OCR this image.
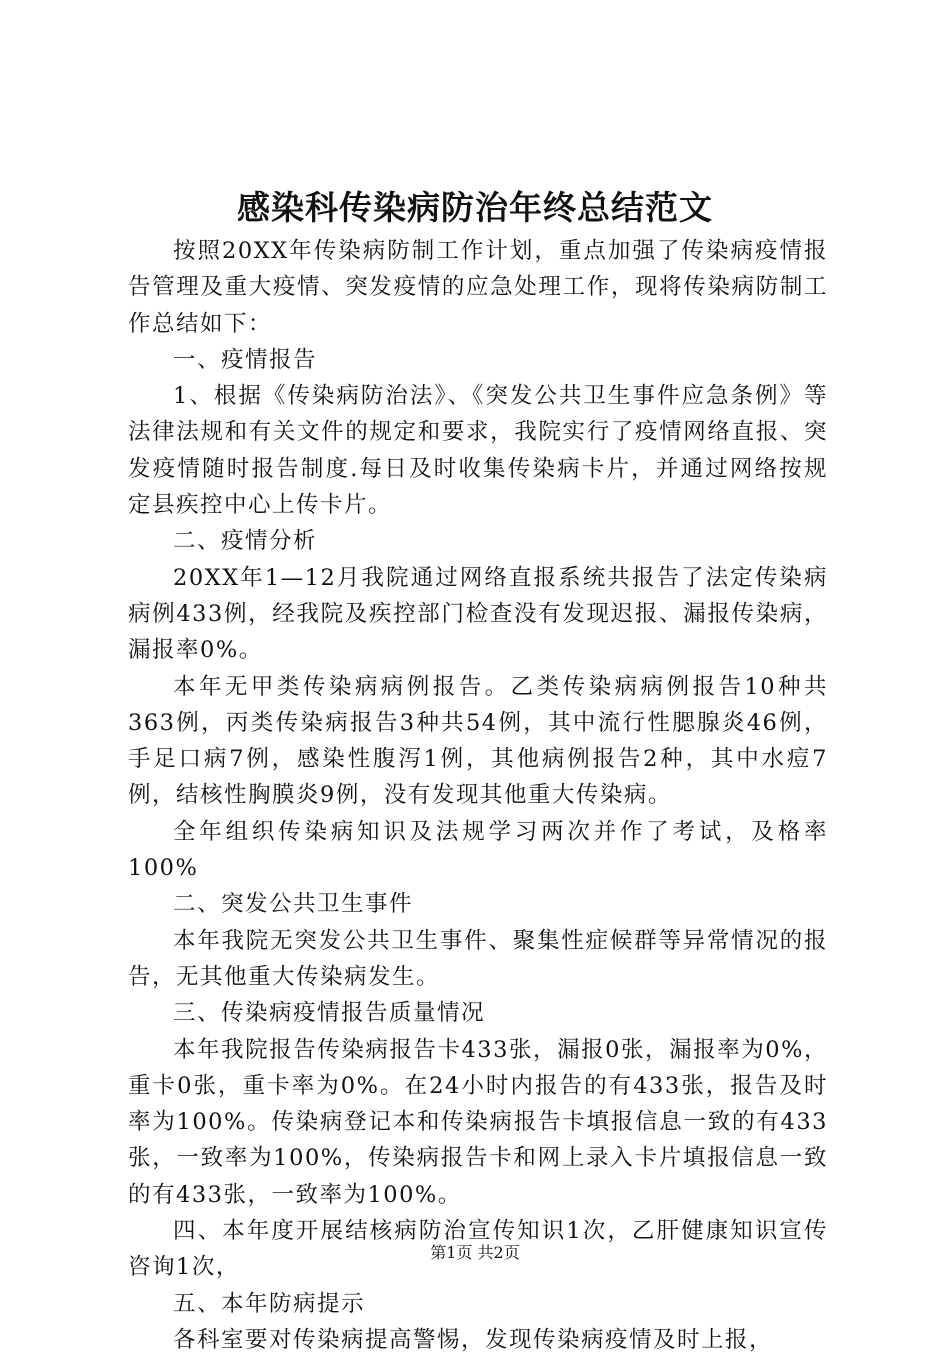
感染科传染病防治年终总结范文

按照20XX年传染病防制工作计划，重点加强了传染病疫情报告管理及重大疫情、突发疫情的应急处理工作，现将传染病防制工作总结如下：

一、疫情报告

1、根据《传染病防治法》、《突发公共卫生事件应急条例》等法律法规和有关文件的规定和要求，我院实行了疫情网络直报、突发疫情随时报告制度.每日及时收集传染病卡片，并通过网络按规定县疾控中心上传卡片。

二、疫情分析

20XX年1—12月我院通过网络直报系统共报告了法定传染病病例433例，经我院及疾控部门检查没有发现迟报、漏报传染病，漏报率0%。

本年无甲类传染病病例报告。乙类传染病病例报告10种共363例，丙类传染病报告3种共54例，其中流行性腮腺炎46例，手足口病7例，感染性腹泻1例，其他病例报告2种，其中水痘7例，结核性胸膜炎9例，没有发现其他重大传染病。

全年组织传染病知识及法规学习两次并作了考试，及格率100%

二、突发公共卫生事件

本年我院无突发公共卫生事件、聚集性症候群等异常情况的报告，无其他重大传染病发生。

三、传染病疫情报告质量情况

本年我院报告传染病报告卡433张，漏报0张，漏报率为0%，重卡0张，重卡率为0%。在24小时内报告的有433张，报告及时率为100%。传染病登记本和传染病报告卡填报信息一致的有433张，一致率为100%，传染病报告卡和网上录入卡片填报信息一致的有433张，一致率为100%。

四、本年度开展结核病防治宣传知识1次，乙肝健康知识宣传咨询1次，

五、本年防病提示

各科室要对传染病提高警惕，发现传染病疫情及时上报，

第1页 共2页
